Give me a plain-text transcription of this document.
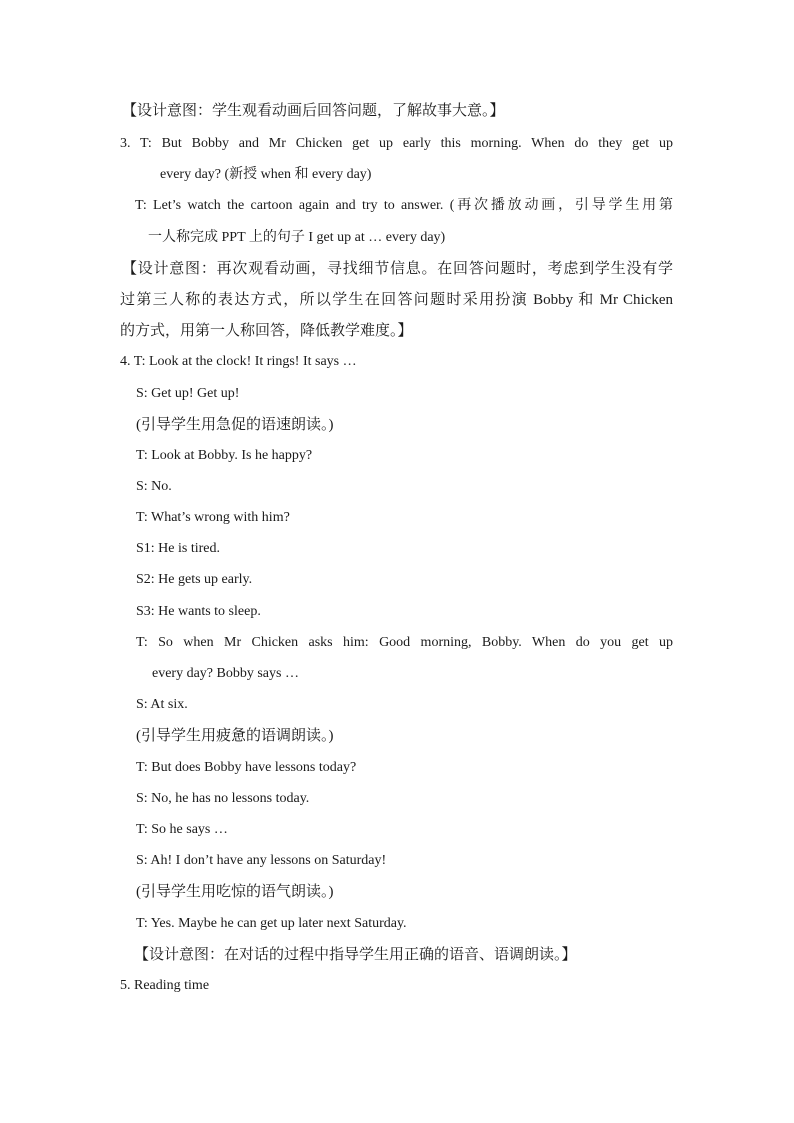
【设计意图：学生观看动画后回答问题，了解故事大意。】
3. T: But Bobby and Mr Chicken get up early this morning. When do they get up
every day? (新授 when 和 every day)
T: Let’s watch the cartoon again and try to answer. (再次播放动画，引导学生用第
一人称完成 PPT 上的句子 I get up at … every day)
【设计意图：再次观看动画，寻找细节信息。在回答问题时，考虑到学生没有学
过第三人称的表达方式，所以学生在回答问题时采用扮演 Bobby 和 Mr Chicken
的方式，用第一人称回答，降低教学难度。】
4. T: Look at the clock! It rings! It says …
S: Get up! Get up!
(引导学生用急促的语速朗读。)
T: Look at Bobby. Is he happy?
S: No.
T: What’s wrong with him?
S1: He is tired.
S2: He gets up early.
S3: He wants to sleep.
T: So when Mr Chicken asks him: Good morning, Bobby. When do you get up
every day? Bobby says …
S: At six.
(引导学生用疲惫的语调朗读。)
T: But does Bobby have lessons today?
S: No, he has no lessons today.
T: So he says …
S: Ah! I don’t have any lessons on Saturday!
(引导学生用吃惊的语气朗读。)
T: Yes. Maybe he can get up later next Saturday.
【设计意图：在对话的过程中指导学生用正确的语音、语调朗读。】
5. Reading time
